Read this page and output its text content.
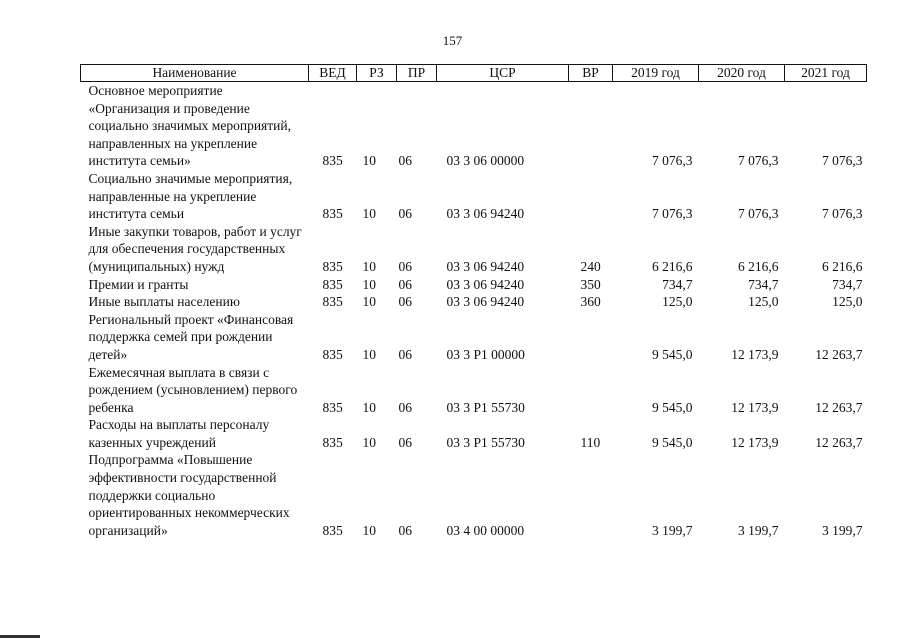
157
Наименование	ВЕД	РЗ	ПР	ЦСР	ВР	2019 год	2020 год	2021 год
Основное мероприятие «Организация и проведение социально значимых мероприятий, направленных на укрепление института семьи»	835	10	06	03 3 06 00000		7 076,3	7 076,3	7 076,3
Социально значимые мероприятия, направленные на укрепление института семьи	835	10	06	03 3 06 94240		7 076,3	7 076,3	7 076,3
Иные закупки товаров, работ и услуг для обеспечения государственных (муниципальных) нужд	835	10	06	03 3 06 94240	240	6 216,6	6 216,6	6 216,6
Премии и гранты	835	10	06	03 3 06 94240	350	734,7	734,7	734,7
Иные выплаты населению	835	10	06	03 3 06 94240	360	125,0	125,0	125,0
Региональный проект «Финансовая поддержка семей при рождении детей»	835	10	06	03 3 P1 00000		9 545,0	12 173,9	12 263,7
Ежемесячная выплата в связи с рождением (усыновлением) первого ребенка	835	10	06	03 3 P1 55730		9 545,0	12 173,9	12 263,7
Расходы на выплаты персоналу казенных учреждений	835	10	06	03 3 P1 55730	110	9 545,0	12 173,9	12 263,7
Подпрограмма «Повышение эффективности государственной поддержки социально ориентированных некоммерческих организаций»	835	10	06	03 4 00 00000		3 199,7	3 199,7	3 199,7
